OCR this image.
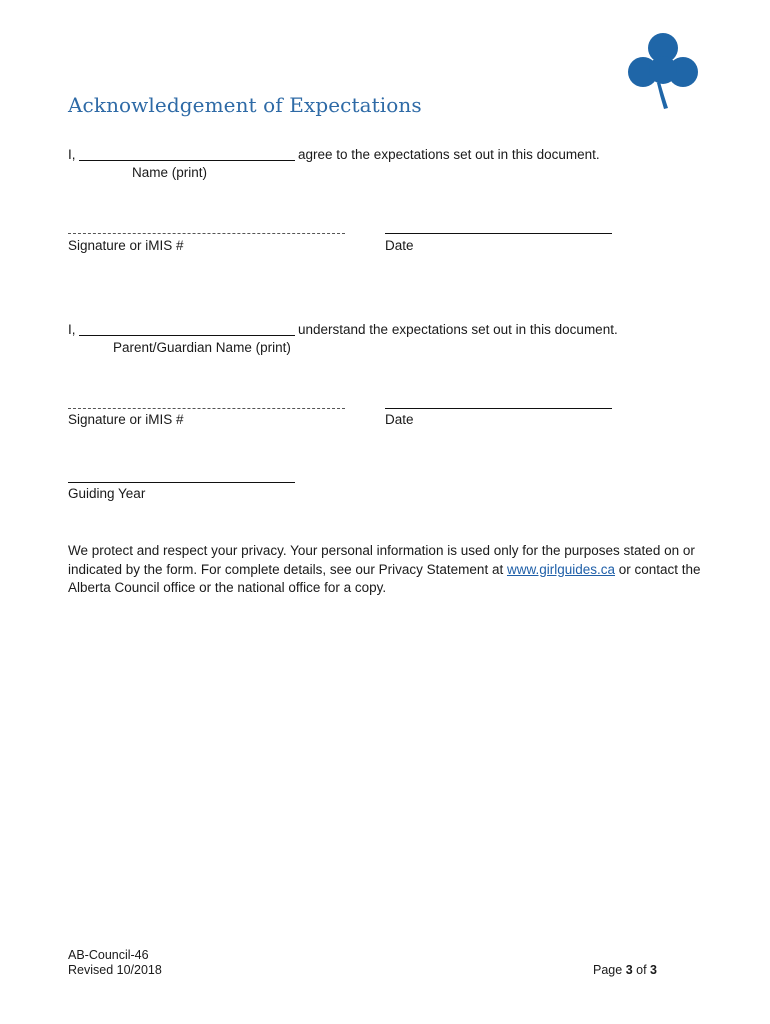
Acknowledgement of Expectations
I,	agree to the expectations set out in this document.
Name (print)
Signature or iMIS #	Date
I,	understand the expectations set out in this document.
Parent/Guardian Name (print)
Signature or iMIS #	Date
Guiding Year
We protect and respect your privacy. Your personal information is used only for the purposes stated on or indicated by the form. For complete details, see our Privacy Statement at www.girlguides.ca or contact the Alberta Council office or the national office for a copy.
AB-Council-46
Revised 10/2018	Page 3 of 3
